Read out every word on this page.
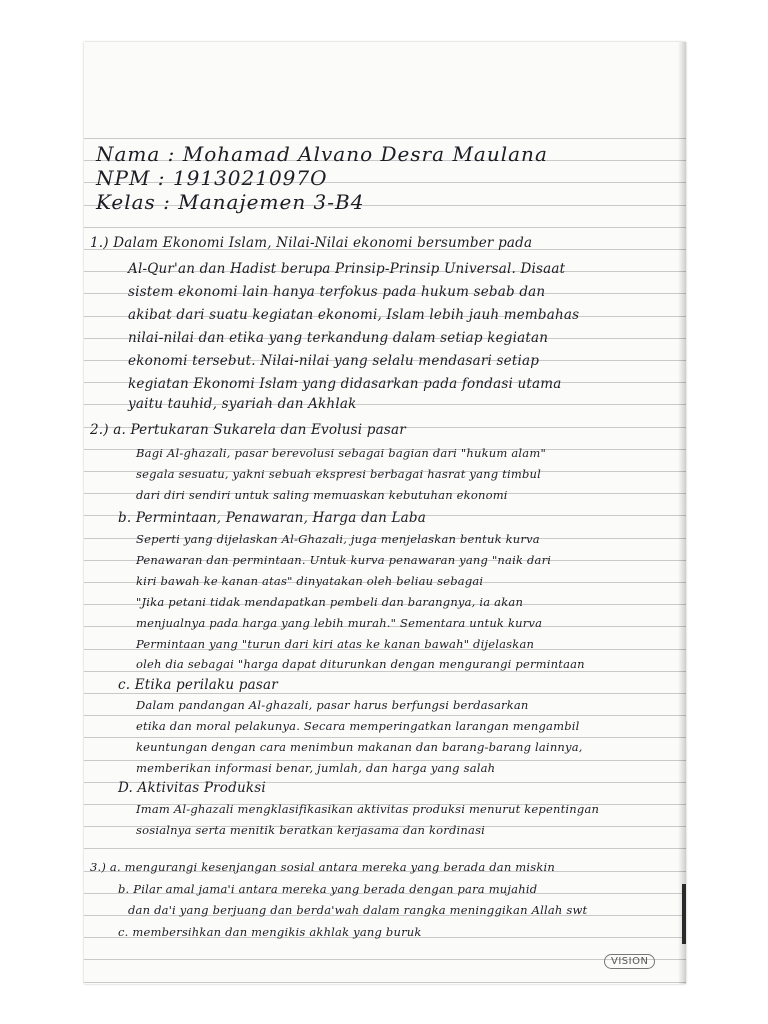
Nama : Mohamad Alvano Desra Maulana
NPM : 1913021097O
Kelas : Manajemen 3-B4
1.) Dalam Ekonomi Islam, Nilai-Nilai ekonomi bersumber pada
Al-Qur'an dan Hadist berupa Prinsip-Prinsip Universal. Disaat
sistem ekonomi lain hanya terfokus pada hukum sebab dan
akibat dari suatu kegiatan ekonomi, Islam lebih jauh membahas
nilai-nilai dan etika yang terkandung dalam setiap kegiatan
ekonomi tersebut. Nilai-nilai yang selalu mendasari setiap
kegiatan Ekonomi Islam yang didasarkan pada fondasi utama
yaitu tauhid, syariah dan Akhlak
2.) a. Pertukaran Sukarela dan Evolusi pasar
Bagi Al-ghazali, pasar berevolusi sebagai bagian dari "hukum alam"
segala sesuatu, yakni sebuah ekspresi berbagai hasrat yang timbul
dari diri sendiri untuk saling memuaskan kebutuhan ekonomi
b. Permintaan, Penawaran, Harga dan Laba
Seperti yang dijelaskan Al-Ghazali, juga menjelaskan bentuk kurva
Penawaran dan permintaan. Untuk kurva penawaran yang "naik dari
kiri bawah ke kanan atas" dinyatakan oleh beliau sebagai
"Jika petani tidak mendapatkan pembeli dan barangnya, ia akan
menjualnya pada harga yang lebih murah." Sementara untuk kurva
Permintaan yang "turun dari kiri atas ke kanan bawah" dijelaskan
oleh dia sebagai "harga dapat diturunkan dengan mengurangi permintaan
c. Etika perilaku pasar
Dalam pandangan Al-ghazali, pasar harus berfungsi berdasarkan
etika dan moral pelakunya. Secara memperingatkan larangan mengambil
keuntungan dengan cara menimbun makanan dan barang-barang lainnya,
memberikan informasi benar, jumlah, dan harga yang salah
D. Aktivitas Produksi
Imam Al-ghazali mengklasifikasikan aktivitas produksi menurut kepentingan
sosialnya serta menitik beratkan kerjasama dan kordinasi
3.) a. mengurangi kesenjangan sosial antara mereka yang berada dan miskin
b. Pilar amal jama'i antara mereka yang berada dengan para mujahid
dan da'i yang berjuang dan berda'wah dalam rangka meninggikan Allah swt
c. membersihkan dan mengikis akhlak yang buruk
VISION
